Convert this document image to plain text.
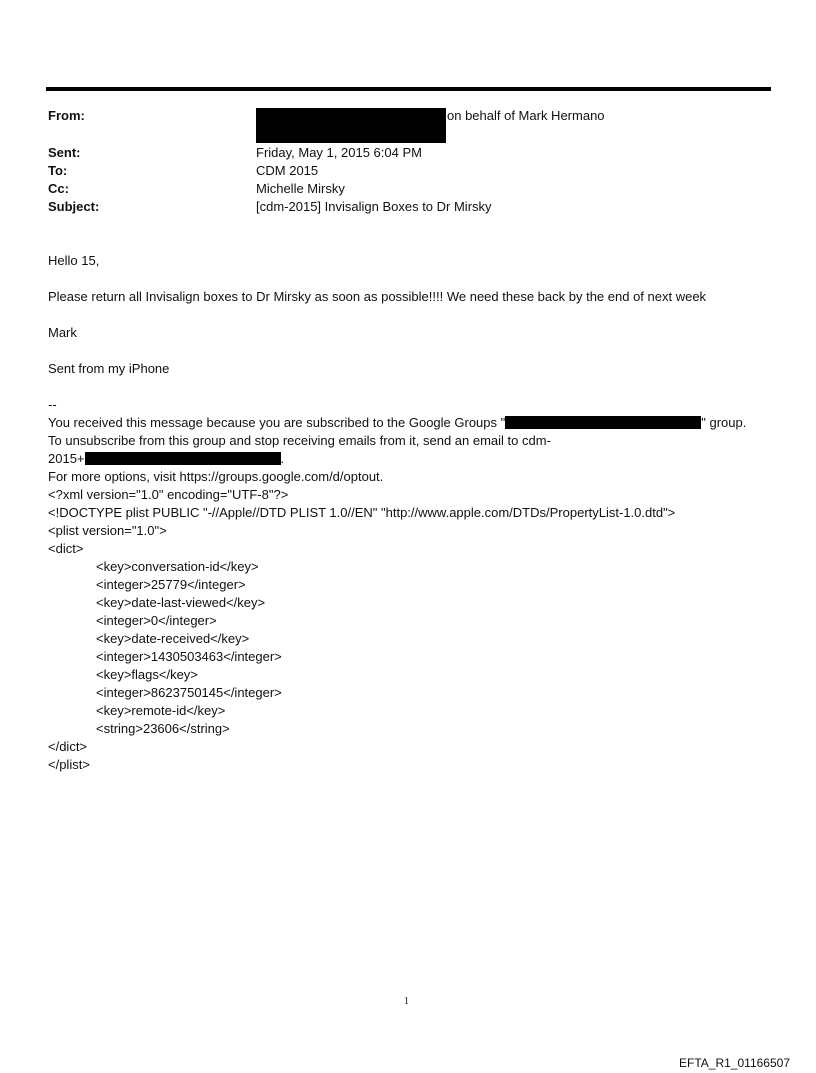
From:	on behalf of Mark Hermano
Sent:	Friday, May 1, 2015 6:04 PM
To:	CDM 2015
Cc:	Michelle Mirsky
Subject:	[cdm-2015] Invisalign Boxes to Dr Mirsky
Hello 15,
Please return all Invisalign boxes to Dr Mirsky as soon as possible!!!! We need these back by the end of next week
Mark
Sent from my iPhone
--
You received this message because you are subscribed to the Google Groups "	" group.
To unsubscribe from this group and stop receiving emails from it, send an email to cdm-
2015+	.
For more options, visit https://groups.google.com/d/optout.
<?xml version="1.0" encoding="UTF-8"?>
<!DOCTYPE plist PUBLIC "-//Apple//DTD PLIST 1.0//EN" "http://www.apple.com/DTDs/PropertyList-1.0.dtd">
<plist version="1.0">
<dict>
<key>conversation-id</key>
<integer>25779</integer>
<key>date-last-viewed</key>
<integer>0</integer>
<key>date-received</key>
<integer>1430503463</integer>
<key>flags</key>
<integer>8623750145</integer>
<key>remote-id</key>
<string>23606</string>
</dict>
</plist>
1
EFTA_R1_01166507
